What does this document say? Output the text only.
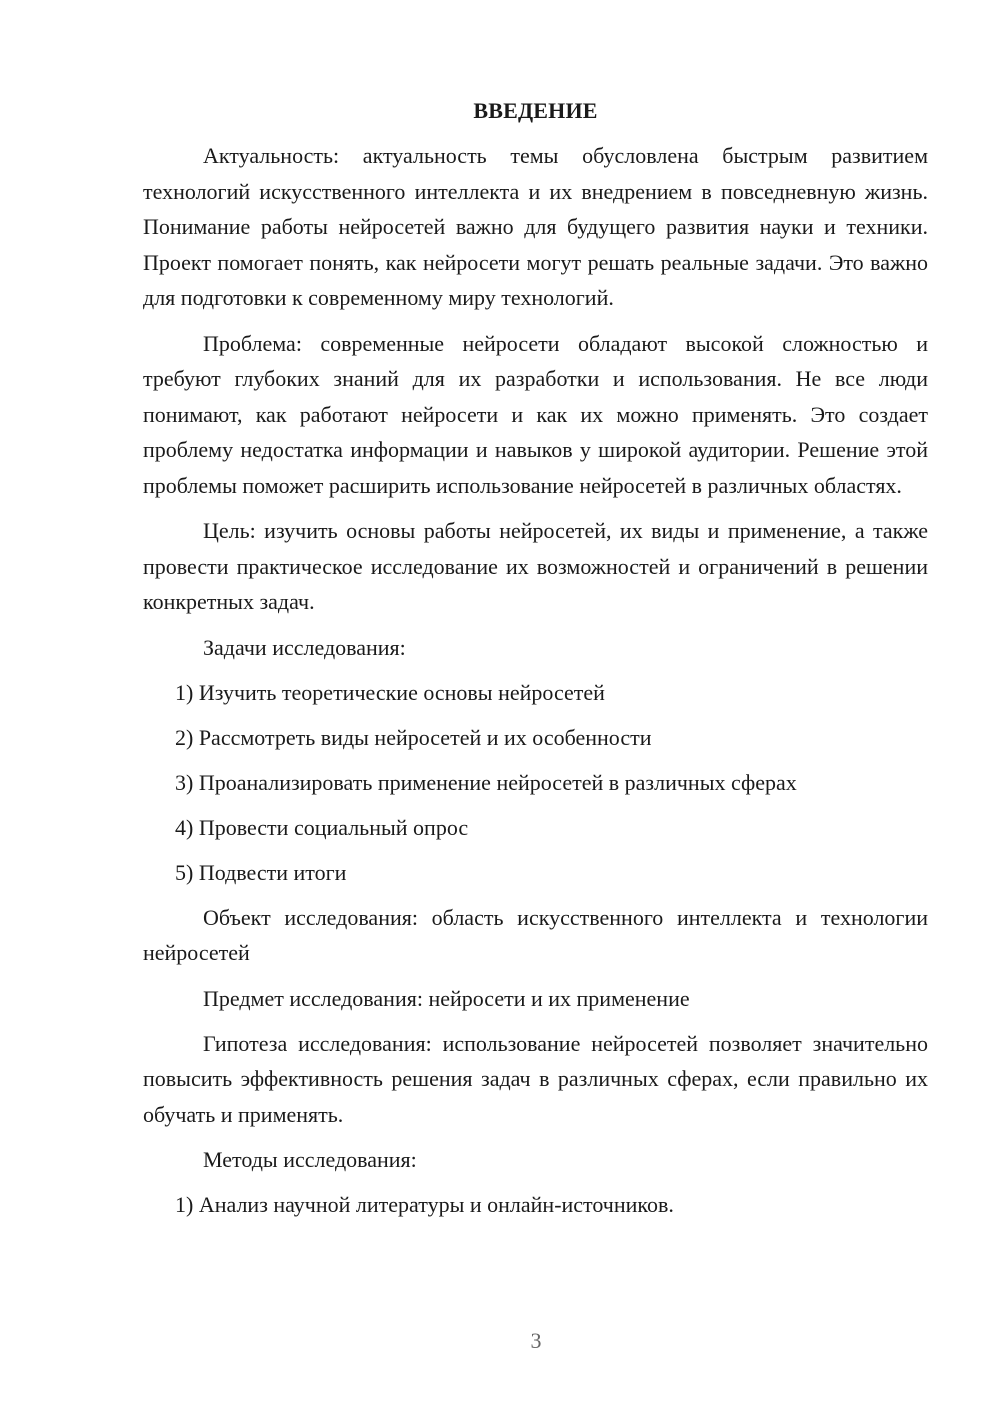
ВВЕДЕНИЕ

Актуальность: актуальность темы обусловлена быстрым развитием технологий искусственного интеллекта и их внедрением в повседневную жизнь. Понимание работы нейросетей важно для будущего развития науки и техники. Проект помогает понять, как нейросети могут решать реальные задачи. Это важно для подготовки к современному миру технологий.

Проблема: современные нейросети обладают высокой сложностью и требуют глубоких знаний для их разработки и использования. Не все люди понимают, как работают нейросети и как их можно применять. Это создает проблему недостатка информации и навыков у широкой аудитории. Решение этой проблемы поможет расширить использование нейросетей в различных областях.

Цель: изучить основы работы нейросетей, их виды и применение, а также провести практическое исследование их возможностей и ограничений в решении конкретных задач.

Задачи исследования:
1) Изучить теоретические основы нейросетей
2) Рассмотреть виды нейросетей и их особенности
3) Проанализировать применение нейросетей в различных сферах
4) Провести социальный опрос
5) Подвести итоги

Объект исследования: область искусственного интеллекта и технологии нейросетей

Предмет исследования: нейросети и их применение

Гипотеза исследования: использование нейросетей позволяет значительно повысить эффективность решения задач в различных сферах, если правильно их обучать и применять.

Методы исследования:
1) Анализ научной литературы и онлайн-источников.
3
